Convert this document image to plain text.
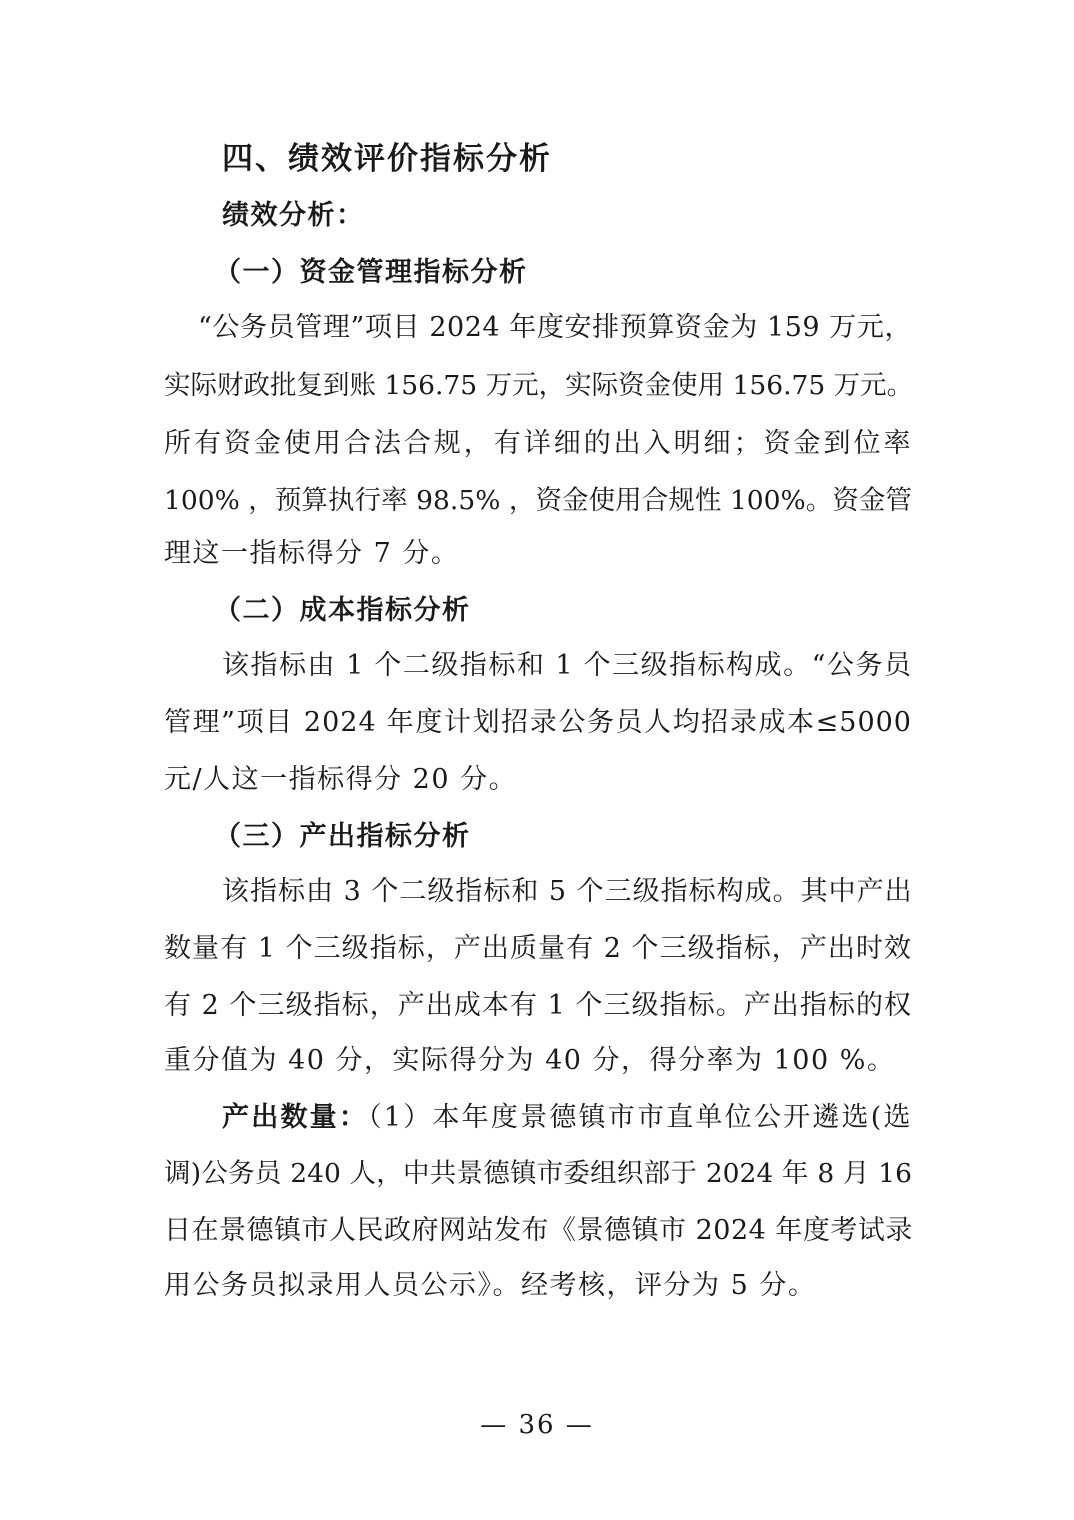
四、绩效评价指标分析
绩效分析：
（一）资金管理指标分析
“公务员管理”项目 2024 年度安排预算资金为 159 万元，
实际财政批复到账 156.75 万元，实际资金使用 156.75 万元。
所有资金使用合法合规，有详细的出入明细；资金到位率
100% ，预算执行率 98.5% ，资金使用合规性 100%。资金管
理这一指标得分 7 分。
（二）成本指标分析
该指标由 1 个二级指标和 1 个三级指标构成。“公务员
管理”项目 2024 年度计划招录公务员人均招录成本≤5000
元/人这一指标得分 20 分。
（三）产出指标分析
该指标由 3 个二级指标和 5 个三级指标构成。其中产出
数量有 1 个三级指标，产出质量有 2 个三级指标，产出时效
有 2 个三级指标，产出成本有 1 个三级指标。产出指标的权
重分值为 40 分，实际得分为 40 分，得分率为 100 %。
产出数量：（1）本年度景德镇市市直单位公开遴选(选
调)公务员 240 人，中共景德镇市委组织部于 2024 年 8 月 16
日在景德镇市人民政府网站发布《景德镇市 2024 年度考试录
用公务员拟录用人员公示》。经考核，评分为 5 分。
— 36 —
